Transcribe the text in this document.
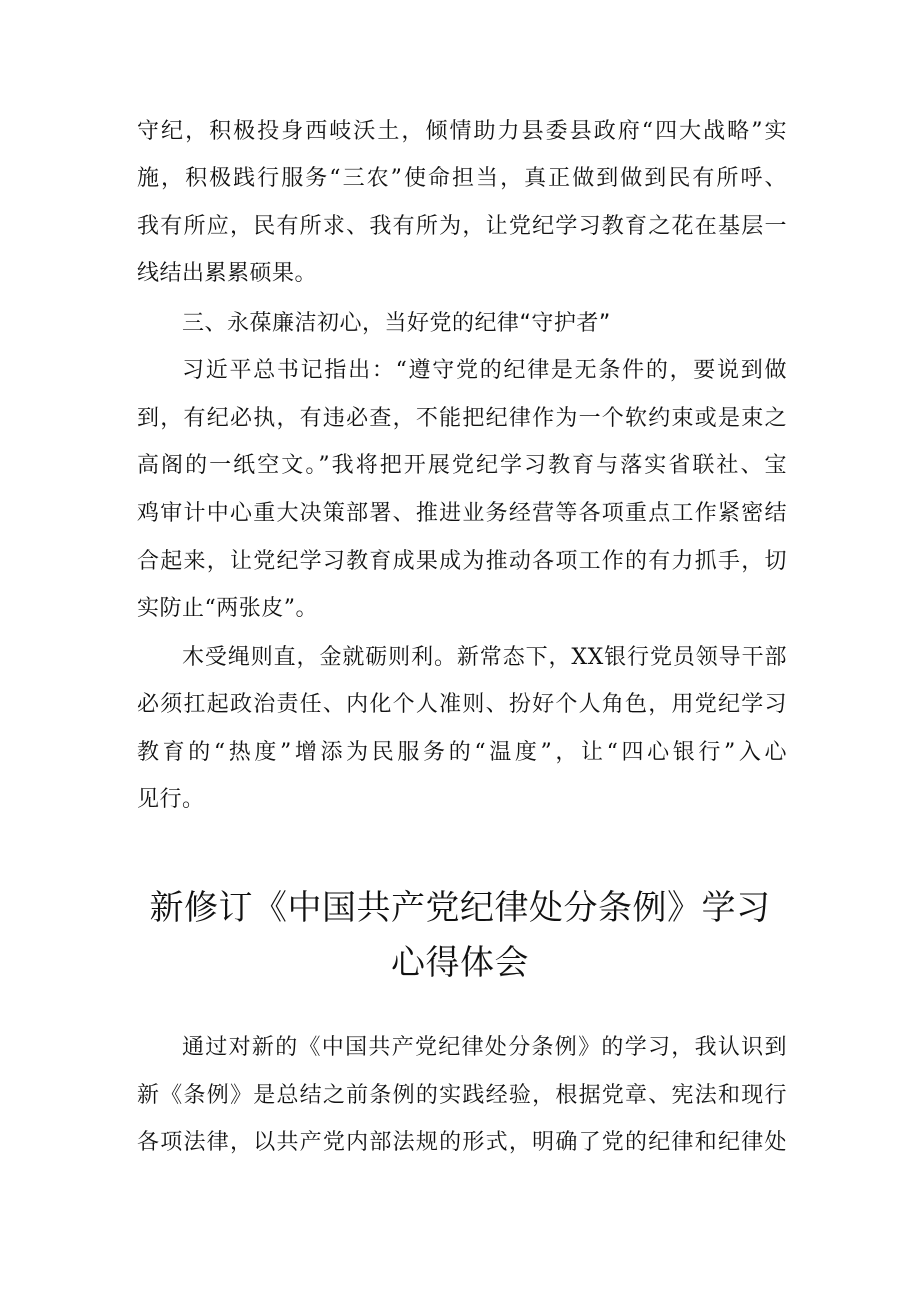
守纪，积极投身西岐沃土，倾情助力县委县政府“四大战略”实
施，积极践行服务“三农”使命担当，真正做到做到民有所呼、
我有所应，民有所求、我有所为，让党纪学习教育之花在基层一
线结出累累硕果。
三、永葆廉洁初心，当好党的纪律“守护者”
习近平总书记指出：“遵守党的纪律是无条件的，要说到做
到，有纪必执，有违必查，不能把纪律作为一个软约束或是束之
高阁的一纸空文。”我将把开展党纪学习教育与落实省联社、宝
鸡审计中心重大决策部署、推进业务经营等各项重点工作紧密结
合起来，让党纪学习教育成果成为推动各项工作的有力抓手，切
实防止“两张皮”。
木受绳则直，金就砺则利。新常态下，XX银行党员领导干部
必须扛起政治责任、内化个人准则、扮好个人角色，用党纪学习
教育的“热度”增添为民服务的“温度”，让“四心银行”入心
见行。
新修订《中国共产党纪律处分条例》学习
心得体会
通过对新的《中国共产党纪律处分条例》的学习，我认识到
新《条例》是总结之前条例的实践经验，根据党章、宪法和现行
各项法律，以共产党内部法规的形式，明确了党的纪律和纪律处
